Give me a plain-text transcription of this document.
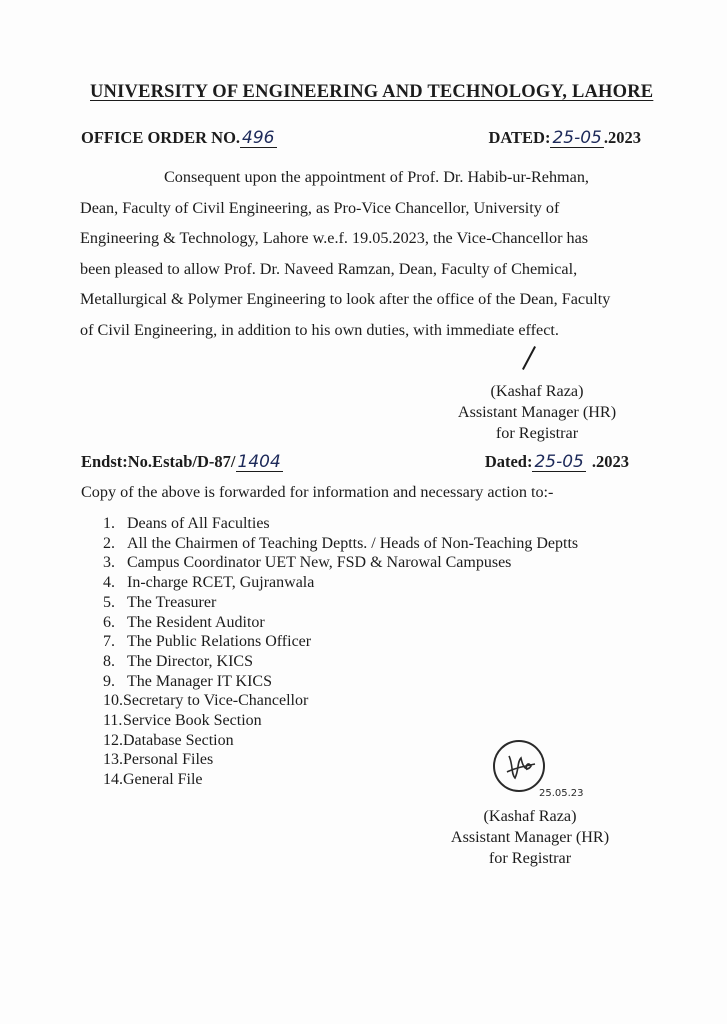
UNIVERSITY OF ENGINEERING AND TECHNOLOGY, LAHORE
OFFICE ORDER NO. 496	DATED: 25-05 .2023
Consequent upon the appointment of Prof. Dr. Habib-ur-Rehman,
Dean, Faculty of Civil Engineering, as Pro-Vice Chancellor, University of
Engineering & Technology, Lahore w.e.f. 19.05.2023, the Vice-Chancellor has
been pleased to allow Prof. Dr. Naveed Ramzan, Dean, Faculty of Chemical,
Metallurgical & Polymer Engineering to look after the office of the Dean, Faculty
of Civil Engineering, in addition to his own duties, with immediate effect.
(Kashaf Raza)
Assistant Manager (HR)
for Registrar
Endst:No.Estab/D-87/ 1404	Dated: 25-05 .2023
Copy of the above is forwarded for information and necessary action to:-
1. Deans of All Faculties
2. All the Chairmen of Teaching Deptts. / Heads of Non-Teaching Deptts
3. Campus Coordinator UET New, FSD & Narowal Campuses
4. In-charge RCET, Gujranwala
5. The Treasurer
6. The Resident Auditor
7. The Public Relations Officer
8. The Director, KICS
9. The Manager IT KICS
10.Secretary to Vice-Chancellor
11.Service Book Section
12.Database Section
13.Personal Files
14.General File
25.05.23
(Kashaf Raza)
Assistant Manager (HR)
for Registrar
